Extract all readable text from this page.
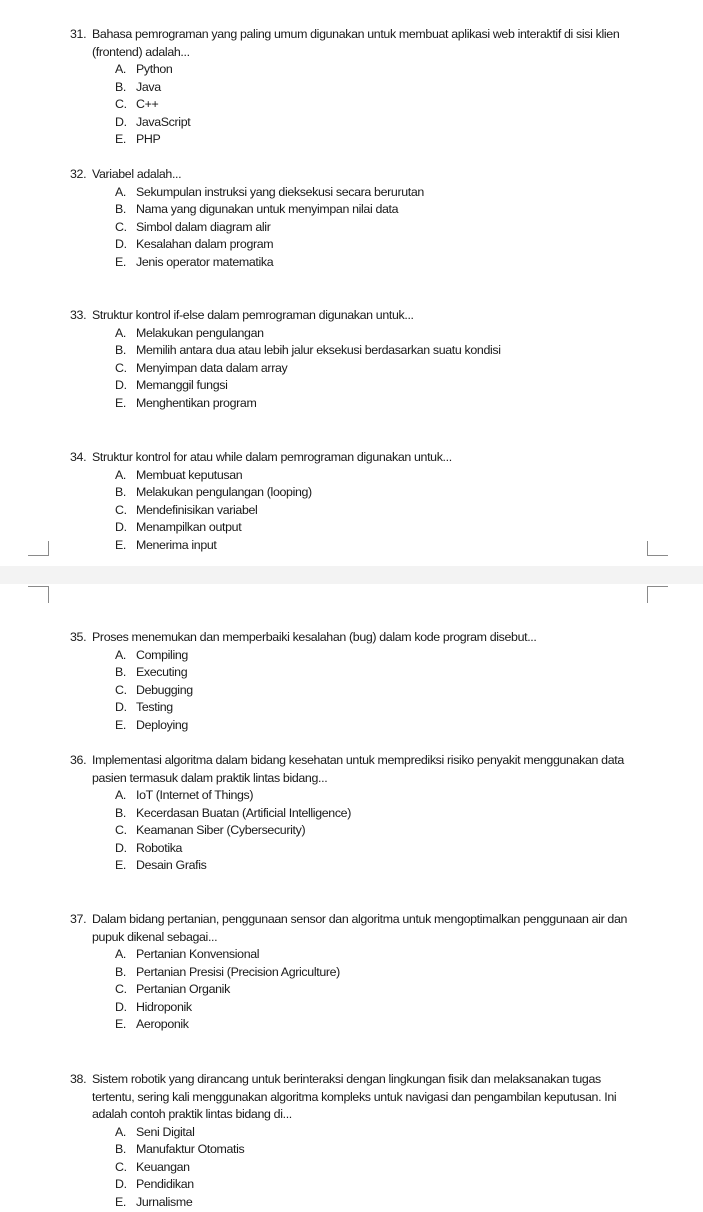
31. Bahasa pemrograman yang paling umum digunakan untuk membuat aplikasi web interaktif di sisi klien (frontend) adalah...

A. Python
B. Java
C. C++
D. JavaScript
E. PHP
32. Variabel adalah...

A. Sekumpulan instruksi yang dieksekusi secara berurutan
B. Nama yang digunakan untuk menyimpan nilai data
C. Simbol dalam diagram alir
D. Kesalahan dalam program
E. Jenis operator matematika
33. Struktur kontrol if-else dalam pemrograman digunakan untuk...

A. Melakukan pengulangan
B. Memilih antara dua atau lebih jalur eksekusi berdasarkan suatu kondisi
C. Menyimpan data dalam array
D. Memanggil fungsi
E. Menghentikan program
34. Struktur kontrol for atau while dalam pemrograman digunakan untuk...

A. Membuat keputusan
B. Melakukan pengulangan (looping)
C. Mendefinisikan variabel
D. Menampilkan output
E. Menerima input
35. Proses menemukan dan memperbaiki kesalahan (bug) dalam kode program disebut...

A. Compiling
B. Executing
C. Debugging
D. Testing
E. Deploying
36. Implementasi algoritma dalam bidang kesehatan untuk memprediksi risiko penyakit menggunakan data pasien termasuk dalam praktik lintas bidang...

A. IoT (Internet of Things)
B. Kecerdasan Buatan (Artificial Intelligence)
C. Keamanan Siber (Cybersecurity)
D. Robotika
E. Desain Grafis
37. Dalam bidang pertanian, penggunaan sensor dan algoritma untuk mengoptimalkan penggunaan air dan pupuk dikenal sebagai...

A. Pertanian Konvensional
B. Pertanian Presisi (Precision Agriculture)
C. Pertanian Organik
D. Hidroponik
E. Aeroponik
38. Sistem robotik yang dirancang untuk berinteraksi dengan lingkungan fisik dan melaksanakan tugas tertentu, sering kali menggunakan algoritma kompleks untuk navigasi dan pengambilan keputusan. Ini adalah contoh praktik lintas bidang di...

A. Seni Digital
B. Manufaktur Otomatis
C. Keuangan
D. Pendidikan
E. Jurnalisme
